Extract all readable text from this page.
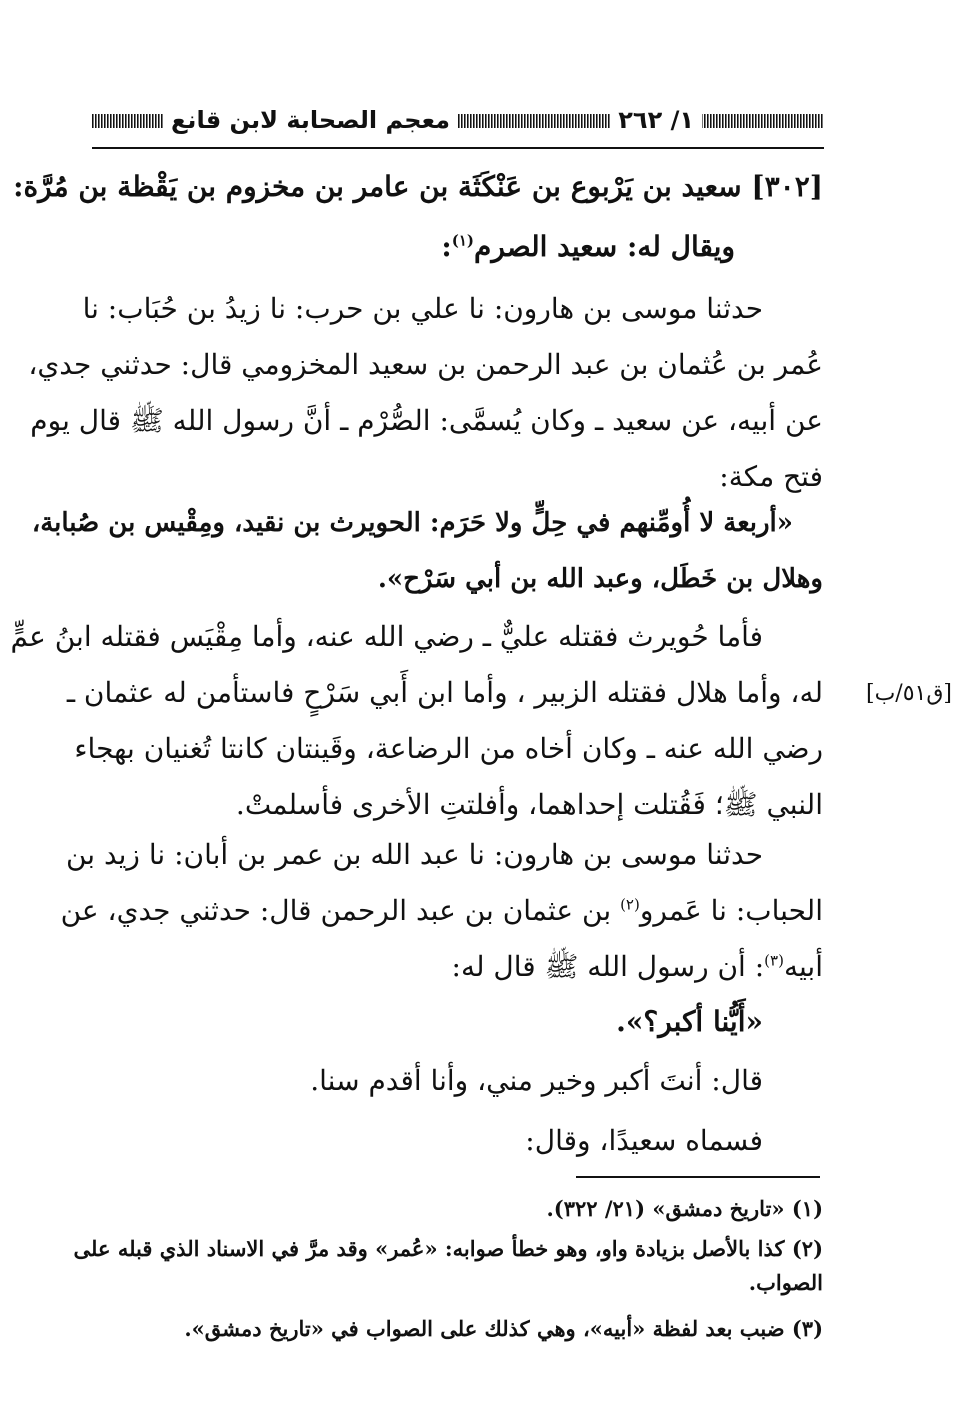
١/ ٢٦٢
معجم الصحابة لابن قانع
[٣٠٢] سعيد بن يَرْبوع بن عَنْكَثَة بن عامر بن مخزوم بن يَقْظة بن مُرَّة:
ويقال له: سعيد الصرم$^{(١)}$:
حدثنا موسى بن هارون: نا علي بن حرب: نا زيدُ بن حُبَاب: نا
عُمر بن عُثمان بن عبد الرحمن بن سعيد المخزومي قال: حدثني جدي،
عن أبيه، عن سعيد ـ وكان يُسمَّى: الصُّرْم ـ أنَّ رسول الله ﷺ قال يوم
فتح مكة:
«أربعة لا أُومِّنهم في حِلٍّ ولا حَرَم: الحويرث بن نقيد، ومِقْيس بن صُبابة،
وهلال بن خَطَل، وعبد الله بن أبي سَرْح».
فأما حُويرث فقتله عليٌّ ـ رضي الله عنه، وأما مِقْيَس فقتله ابنُ عمٍّ
له، وأما هلال فقتله الزبير ، وأما ابن أَبي سَرْحٍ فاستأمن له عثمان ـ
رضي الله عنه ـ وكان أخاه من الرضاعة، وقَينتان كانتا تُغنيان بهجاء
النبي ﷺ؛ فَقُتلت إحداهما، وأفلتتِ الأخرى فأسلمتْ.
[ق٥١/ب]
حدثنا موسى بن هارون: نا عبد الله بن عمر بن أبان: نا زيد بن
الحباب: نا عَمرو$^{(٢)}$ بن عثمان بن عبد الرحمن قال: حدثني جدي، عن
أبيه$^{(٣)}$: أن رسول الله ﷺ قال له:
«أَيُّنا أكبر؟».
قال: أنتَ أكبر وخير مني، وأنا أقدم سنا.
فسماه سعيدًا، وقال:
(١) «تاريخ دمشق» (٢١/ ٣٢٢).
(٢) كذا بالأصل بزيادة واو، وهو خطأ صوابه: «عُمر» وقد مرَّ في الاسناد الذي قبله على
الصواب.
(٣) ضبب بعد لفظة «أبيه»، وهي كذلك على الصواب في «تاريخ دمشق».
